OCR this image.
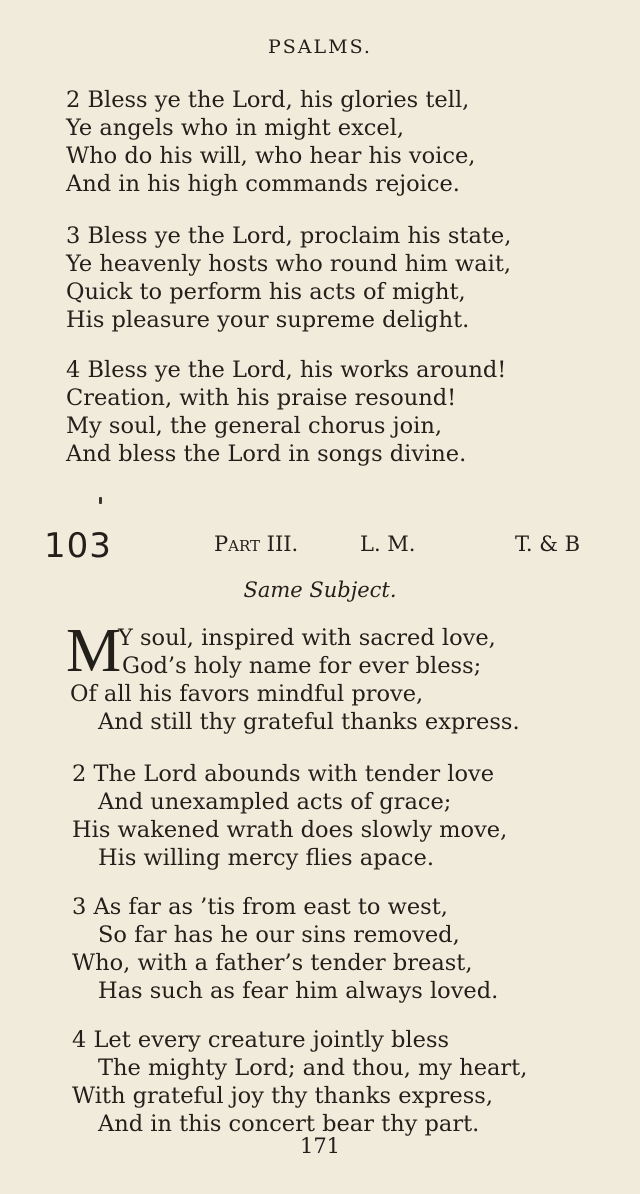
PSALMS.
2 Bless ye the Lord, his glories tell,
Ye angels who in might excel,
Who do his will, who hear his voice,
And in his high commands rejoice.
3 Bless ye the Lord, proclaim his state,
Ye heavenly hosts who round him wait,
Quick to perform his acts of might,
His pleasure your supreme delight.
4 Bless ye the Lord, his works around!
Creation, with his praise resound!
My soul, the general chorus join,
And bless the Lord in songs divine.
103	Part III.	L. M.	T. & B
Same Subject.
M
Y soul, inspired with sacred love,
God’s holy name for ever bless;
Of all his favors mindful prove,
And still thy grateful thanks express.
2 The Lord abounds with tender love
And unexampled acts of grace;
His wakened wrath does slowly move,
His willing mercy flies apace.
3 As far as ’tis from east to west,
So far has he our sins removed,
Who, with a father’s tender breast,
Has such as fear him always loved.
4 Let every creature jointly bless
The mighty Lord; and thou, my heart,
With grateful joy thy thanks express,
And in this concert bear thy part.
171
